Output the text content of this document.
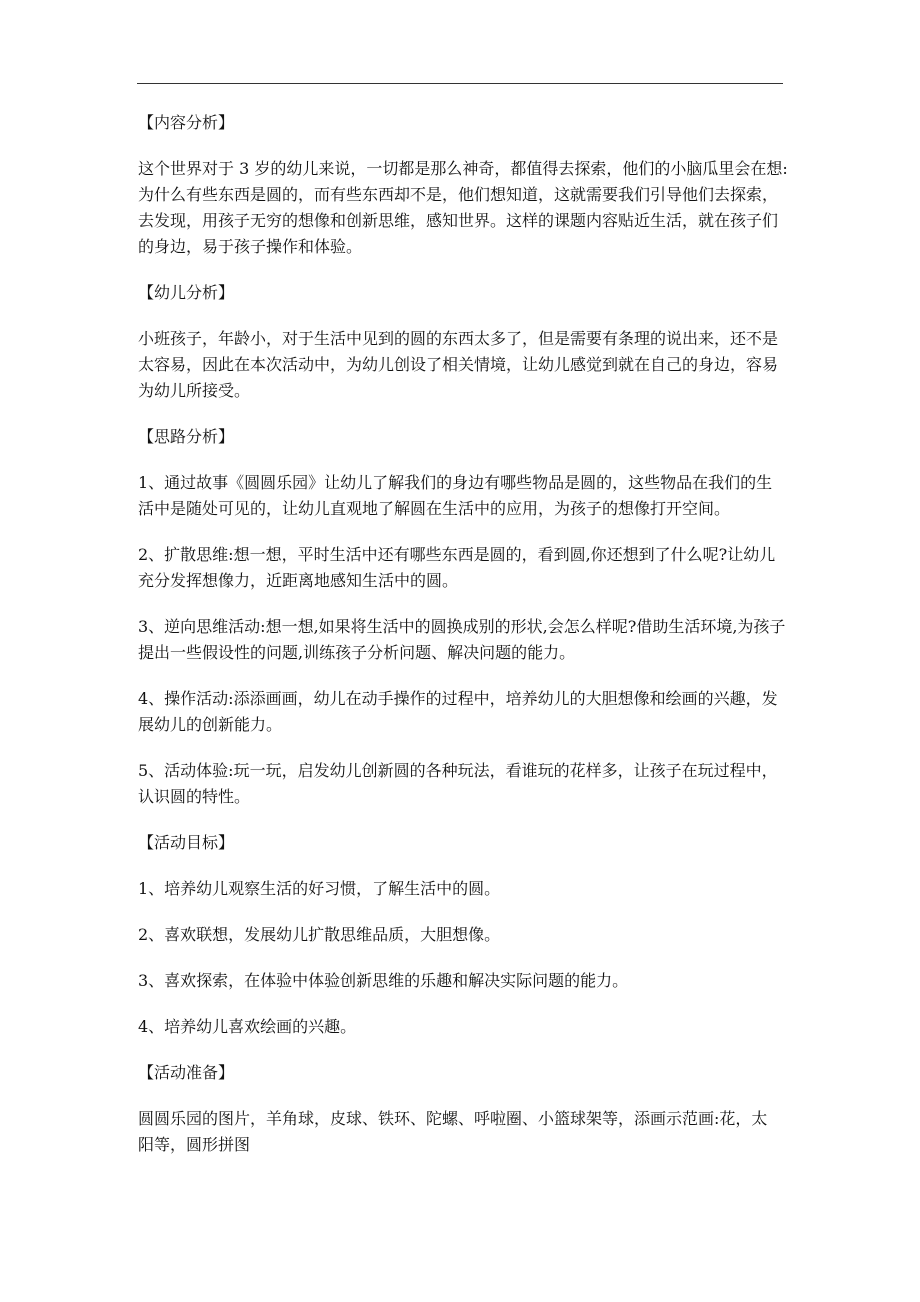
【内容分析】

这个世界对于 3 岁的幼儿来说，一切都是那么神奇，都值得去探索，他们的小脑瓜里会在想:
为什么有些东西是圆的，而有些东西却不是，他们想知道，这就需要我们引导他们去探索，
去发现，用孩子无穷的想像和创新思维，感知世界。这样的课题内容贴近生活，就在孩子们
的身边，易于孩子操作和体验。

【幼儿分析】

小班孩子，年龄小，对于生活中见到的圆的东西太多了，但是需要有条理的说出来，还不是
太容易，因此在本次活动中，为幼儿创设了相关情境，让幼儿感觉到就在自己的身边，容易
为幼儿所接受。

【思路分析】

1、通过故事《圆圆乐园》让幼儿了解我们的身边有哪些物品是圆的，这些物品在我们的生
活中是随处可见的，让幼儿直观地了解圆在生活中的应用，为孩子的想像打开空间。

2、扩散思维:想一想，平时生活中还有哪些东西是圆的，看到圆,你还想到了什么呢?让幼儿
充分发挥想像力，近距离地感知生活中的圆。

3、逆向思维活动:想一想,如果将生活中的圆换成别的形状,会怎么样呢?借助生活环境,为孩子
提出一些假设性的问题,训练孩子分析问题、解决问题的能力。

4、操作活动:添添画画，幼儿在动手操作的过程中，培养幼儿的大胆想像和绘画的兴趣，发
展幼儿的创新能力。

5、活动体验:玩一玩，启发幼儿创新圆的各种玩法，看谁玩的花样多，让孩子在玩过程中，
认识圆的特性。

【活动目标】

1、培养幼儿观察生活的好习惯，了解生活中的圆。

2、喜欢联想，发展幼儿扩散思维品质，大胆想像。

3、喜欢探索，在体验中体验创新思维的乐趣和解决实际问题的能力。

4、培养幼儿喜欢绘画的兴趣。

【活动准备】

圆圆乐园的图片，羊角球，皮球、铁环、陀螺、呼啦圈、小篮球架等，添画示范画:花，太
阳等，圆形拼图
